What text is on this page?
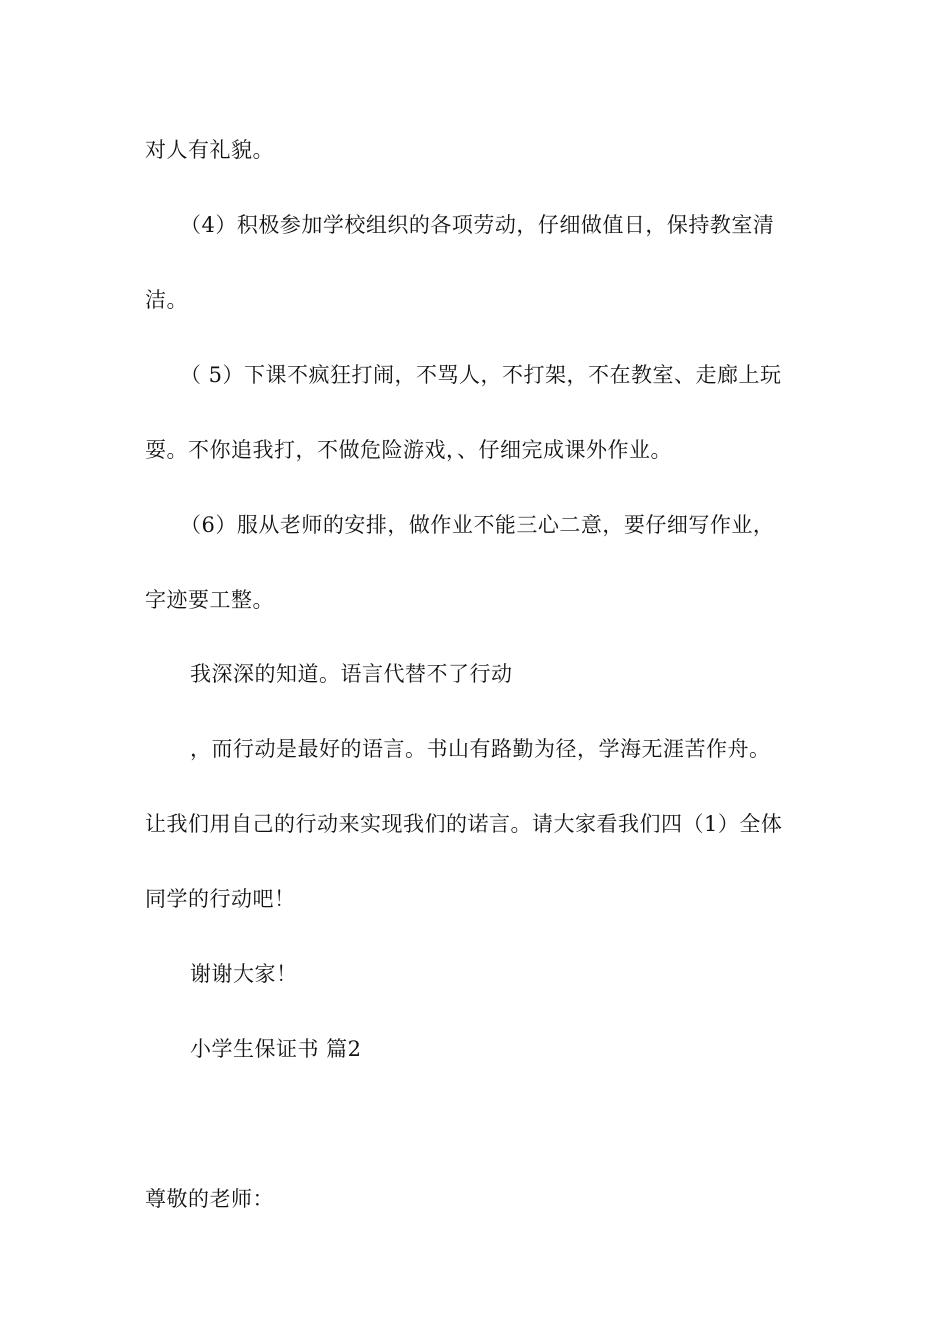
对人有礼貌。
（4）积极参加学校组织的各项劳动，仔细做值日，保持教室清
洁。
（ 5）下课不疯狂打闹，不骂人，不打架，不在教室、走廊上玩
耍。不你追我打，不做危险游戏，、仔细完成课外作业。
（6）服从老师的安排，做作业不能三心二意，要仔细写作业，
字迹要工整。
我深深的知道。语言代替不了行动
，而行动是最好的语言。书山有路勤为径，学海无涯苦作舟。
让我们用自己的行动来实现我们的诺言。请大家看我们四（1）全体
同学的行动吧！
谢谢大家！
小学生保证书 篇2
尊敬的老师：
